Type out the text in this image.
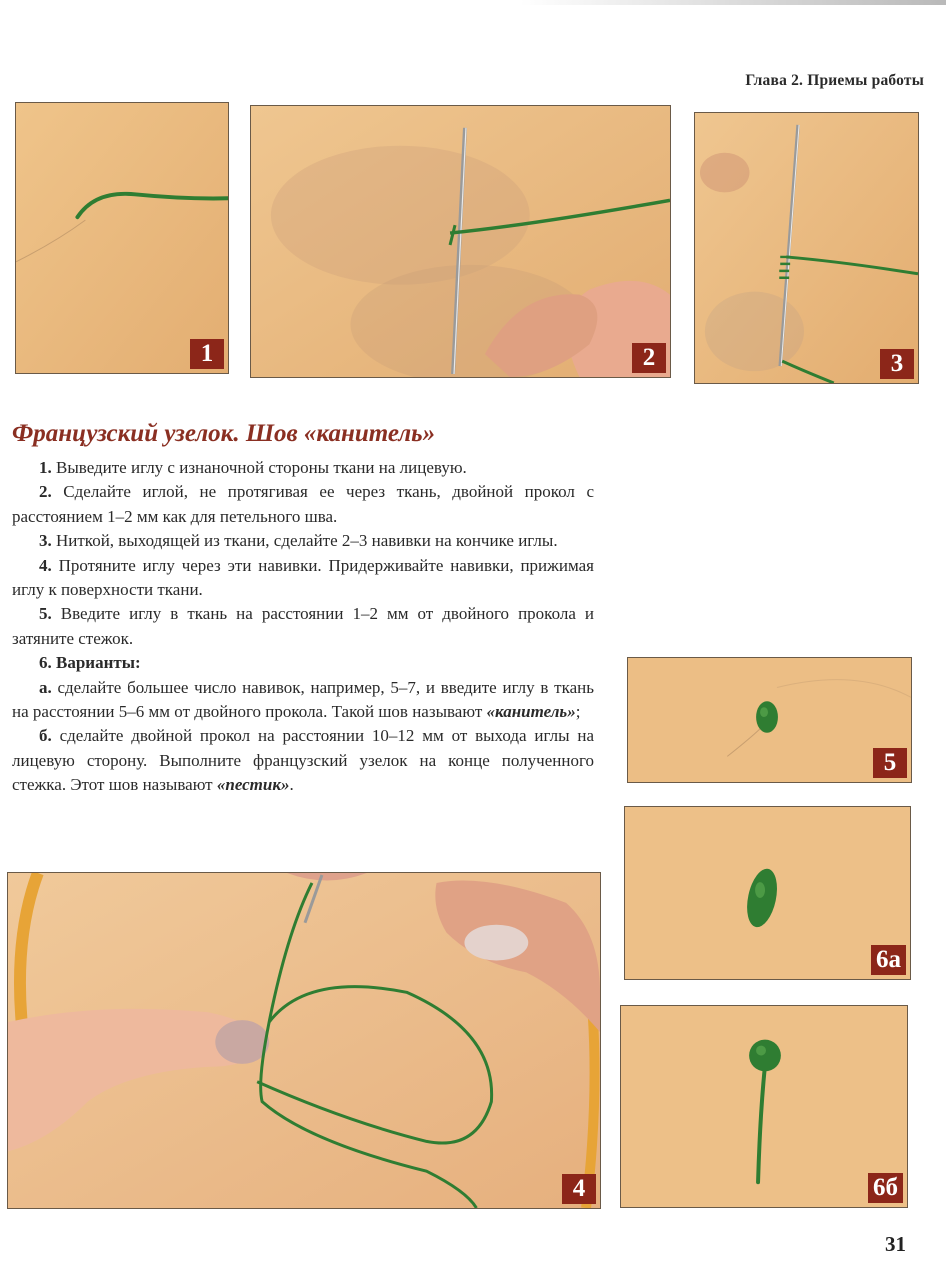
Глава 2. Приемы работы
1	2	3
Французский узелок. Шов «канитель»

1. Выведите иглу с изнаночной стороны ткани на лицевую.

2. Сделайте иглой, не протягивая ее через ткань, двойной прокол с расстоянием 1–2 мм как для петельного шва.

3. Ниткой, выходящей из ткани, сделайте 2–3 навивки на кончике иглы.

4. Протяните иглу через эти навивки. Придерживайте навивки, прижимая иглу к поверхности ткани.

5. Введите иглу в ткань на расстоянии 1–2 мм от двойного прокола и затяните стежок.

6. Варианты:

а. сделайте большее число навивок, например, 5–7, и введите иглу в ткань на расстоянии 5–6 мм от двойного прокола. Такой шов называют «канитель»;

б. сделайте двойной прокол на расстоянии 10–12 мм от выхода иглы на лицевую сторону. Выполните французский узелок на конце полученного стежка. Этот шов называют «пестик».

5
6а
6б
4
31
